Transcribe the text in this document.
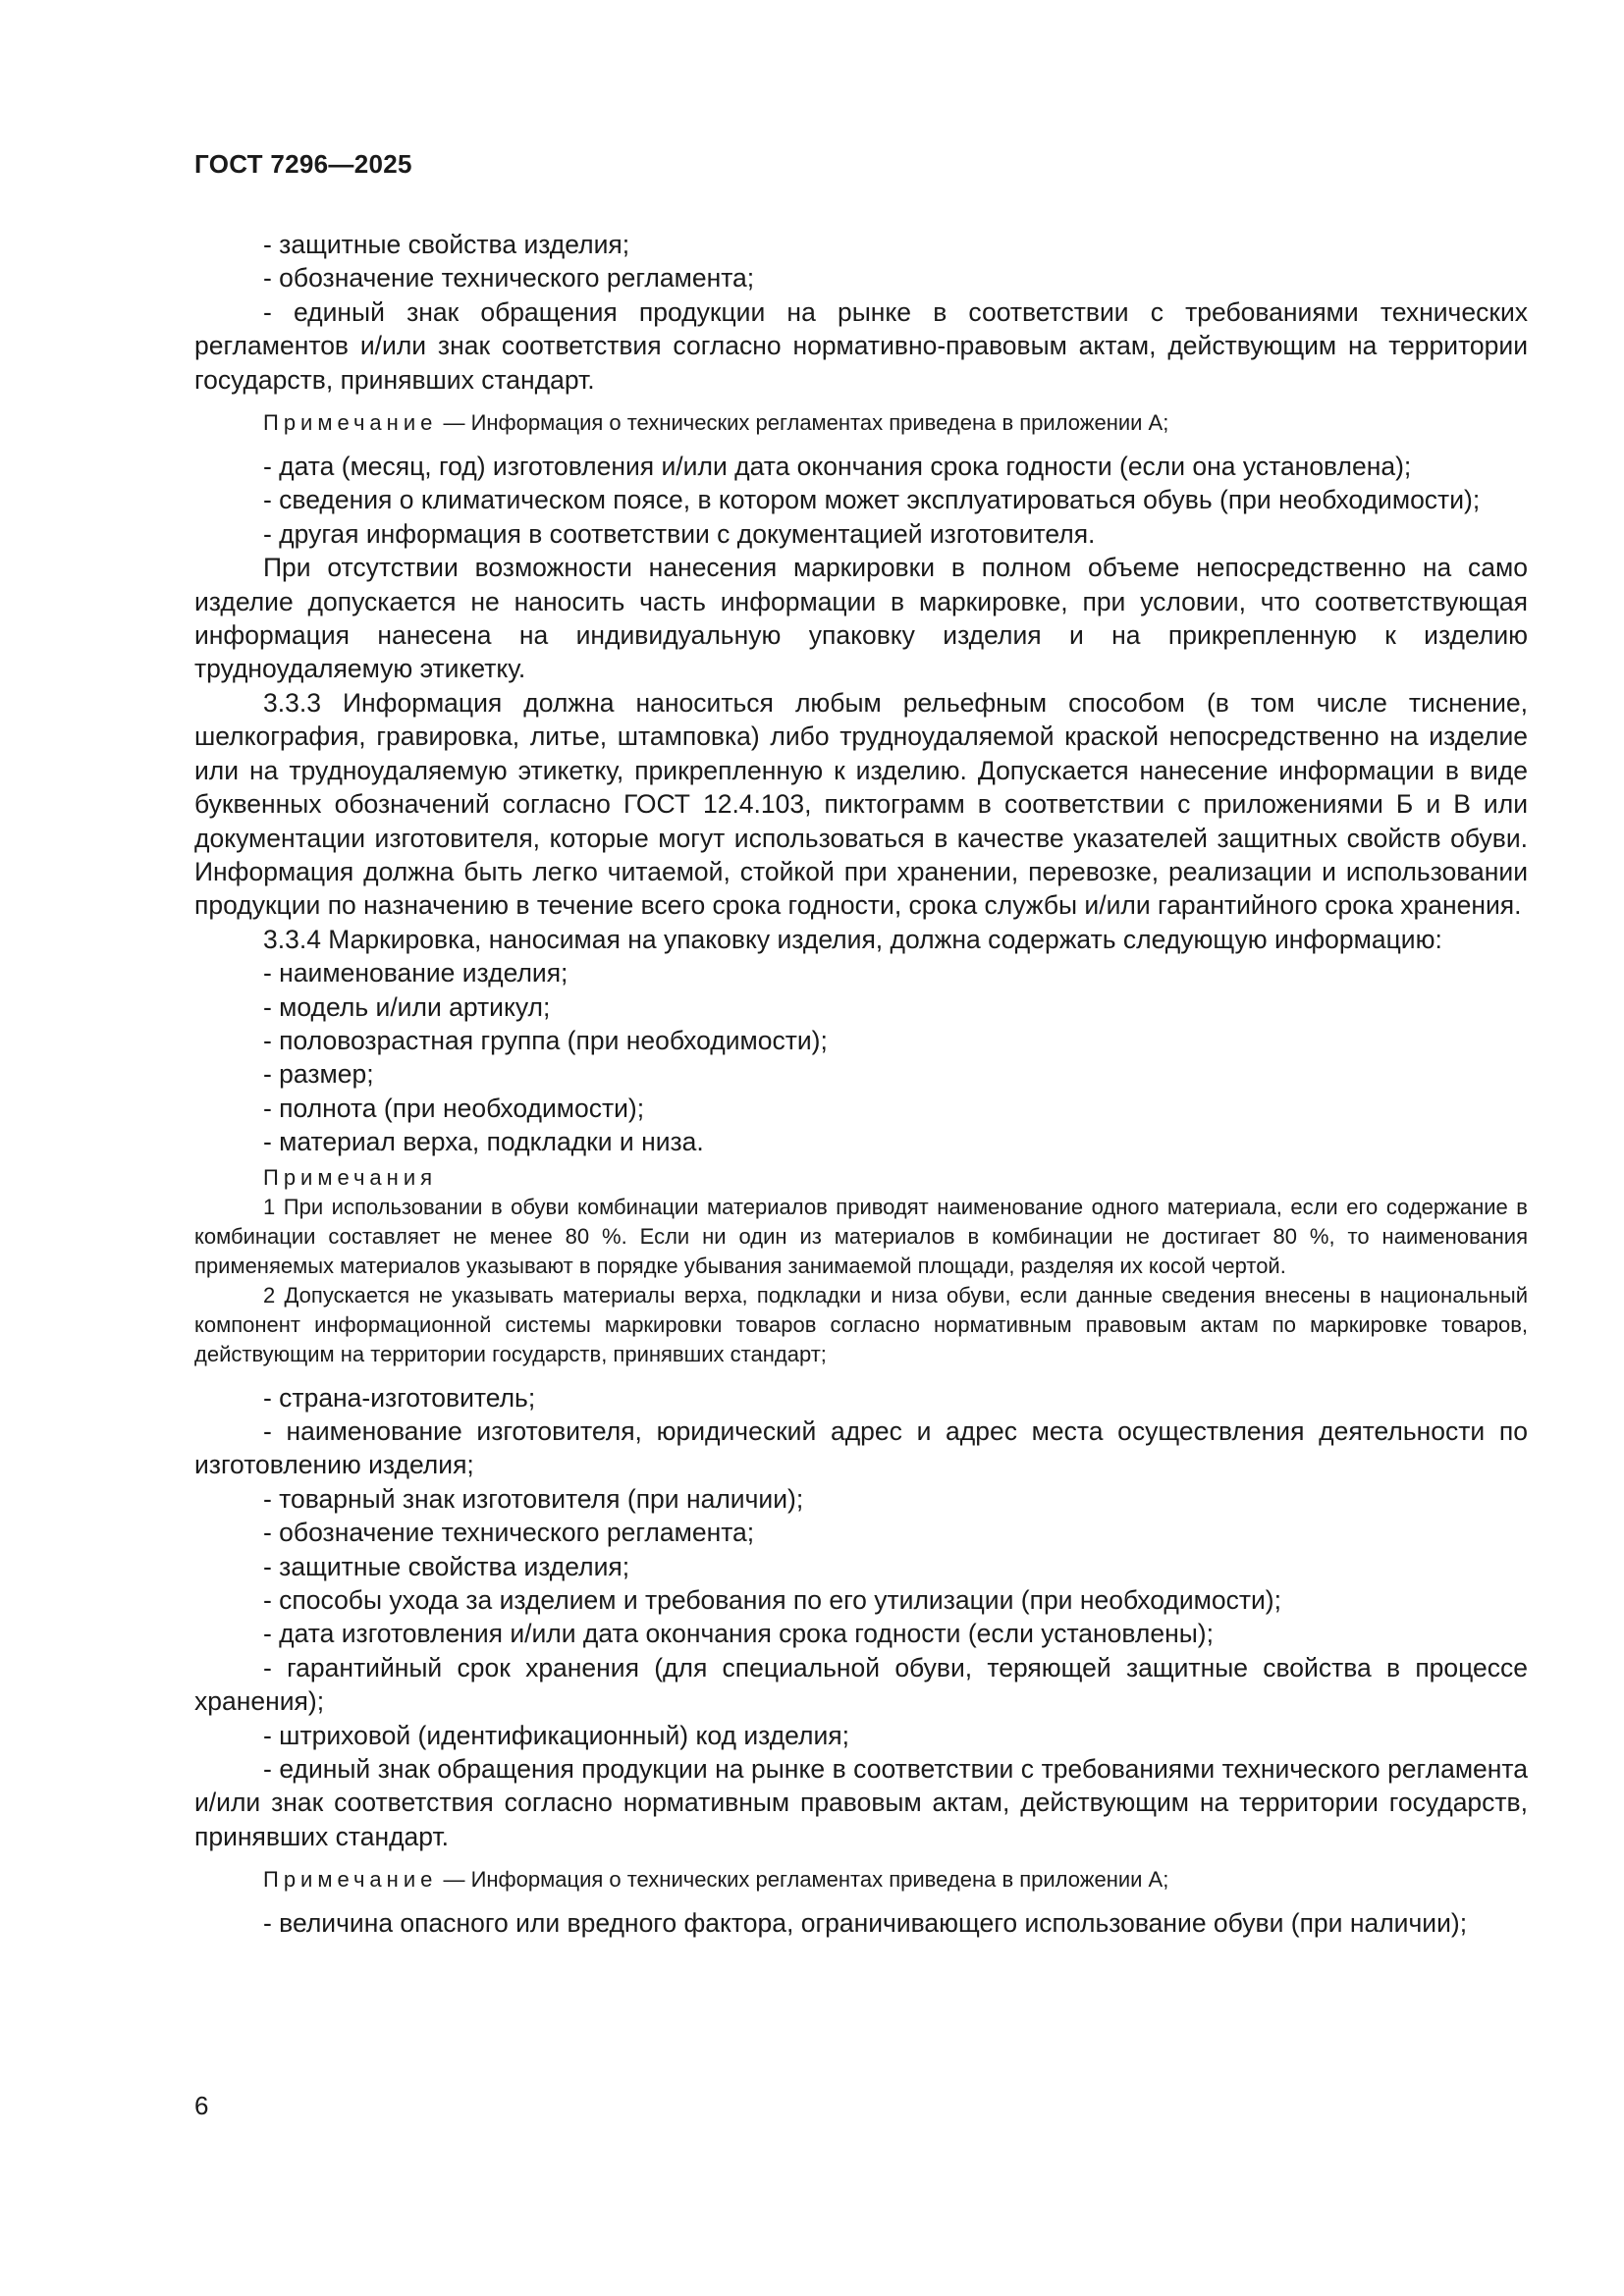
ГОСТ 7296—2025

- защитные свойства изделия;

- обозначение технического регламента;

- единый знак обращения продукции на рынке в соответствии с требованиями технических регламентов и/или знак соответствия согласно нормативно-правовым актам, действующим на территории государств, принявших стандарт.

Примечание — Информация о технических регламентах приведена в приложении А;

- дата (месяц, год) изготовления и/или дата окончания срока годности (если она установлена);

- сведения о климатическом поясе, в котором может эксплуатироваться обувь (при необходимости);

- другая информация в соответствии с документацией изготовителя.

При отсутствии возможности нанесения маркировки в полном объеме непосредственно на само изделие допускается не наносить часть информации в маркировке, при условии, что соответствующая информация нанесена на индивидуальную упаковку изделия и на прикрепленную к изделию трудноудаляемую этикетку.

3.3.3 Информация должна наноситься любым рельефным способом (в том числе тиснение, шелкография, гравировка, литье, штамповка) либо трудноудаляемой краской непосредственно на изделие или на трудноудаляемую этикетку, прикрепленную к изделию. Допускается нанесение информации в виде буквенных обозначений согласно ГОСТ 12.4.103, пиктограмм в соответствии с приложениями Б и В или документации изготовителя, которые могут использоваться в качестве указателей защитных свойств обуви. Информация должна быть легко читаемой, стойкой при хранении, перевозке, реализации и использовании продукции по назначению в течение всего срока годности, срока службы и/или гарантийного срока хранения.

3.3.4 Маркировка, наносимая на упаковку изделия, должна содержать следующую информацию:

- наименование изделия;

- модель и/или артикул;

- половозрастная группа (при необходимости);

- размер;

- полнота (при необходимости);

- материал верха, подкладки и низа.

Примечания

1 При использовании в обуви комбинации материалов приводят наименование одного материала, если его содержание в комбинации составляет не менее 80 %. Если ни один из материалов в комбинации не достигает 80 %, то наименования применяемых материалов указывают в порядке убывания занимаемой площади, разделяя их косой чертой.

2 Допускается не указывать материалы верха, подкладки и низа обуви, если данные сведения внесены в национальный компонент информационной системы маркировки товаров согласно нормативным правовым актам по маркировке товаров, действующим на территории государств, принявших стандарт;

- страна-изготовитель;

- наименование изготовителя, юридический адрес и адрес места осуществления деятельности по изготовлению изделия;

- товарный знак изготовителя (при наличии);

- обозначение технического регламента;

- защитные свойства изделия;

- способы ухода за изделием и требования по его утилизации (при необходимости);

- дата изготовления и/или дата окончания срока годности (если установлены);

- гарантийный срок хранения (для специальной обуви, теряющей защитные свойства в процессе хранения);

- штриховой (идентификационный) код изделия;

- единый знак обращения продукции на рынке в соответствии с требованиями технического регламента и/или знак соответствия согласно нормативным правовым актам, действующим на территории государств, принявших стандарт.

Примечание — Информация о технических регламентах приведена в приложении А;

- величина опасного или вредного фактора, ограничивающего использование обуви (при наличии);

6
